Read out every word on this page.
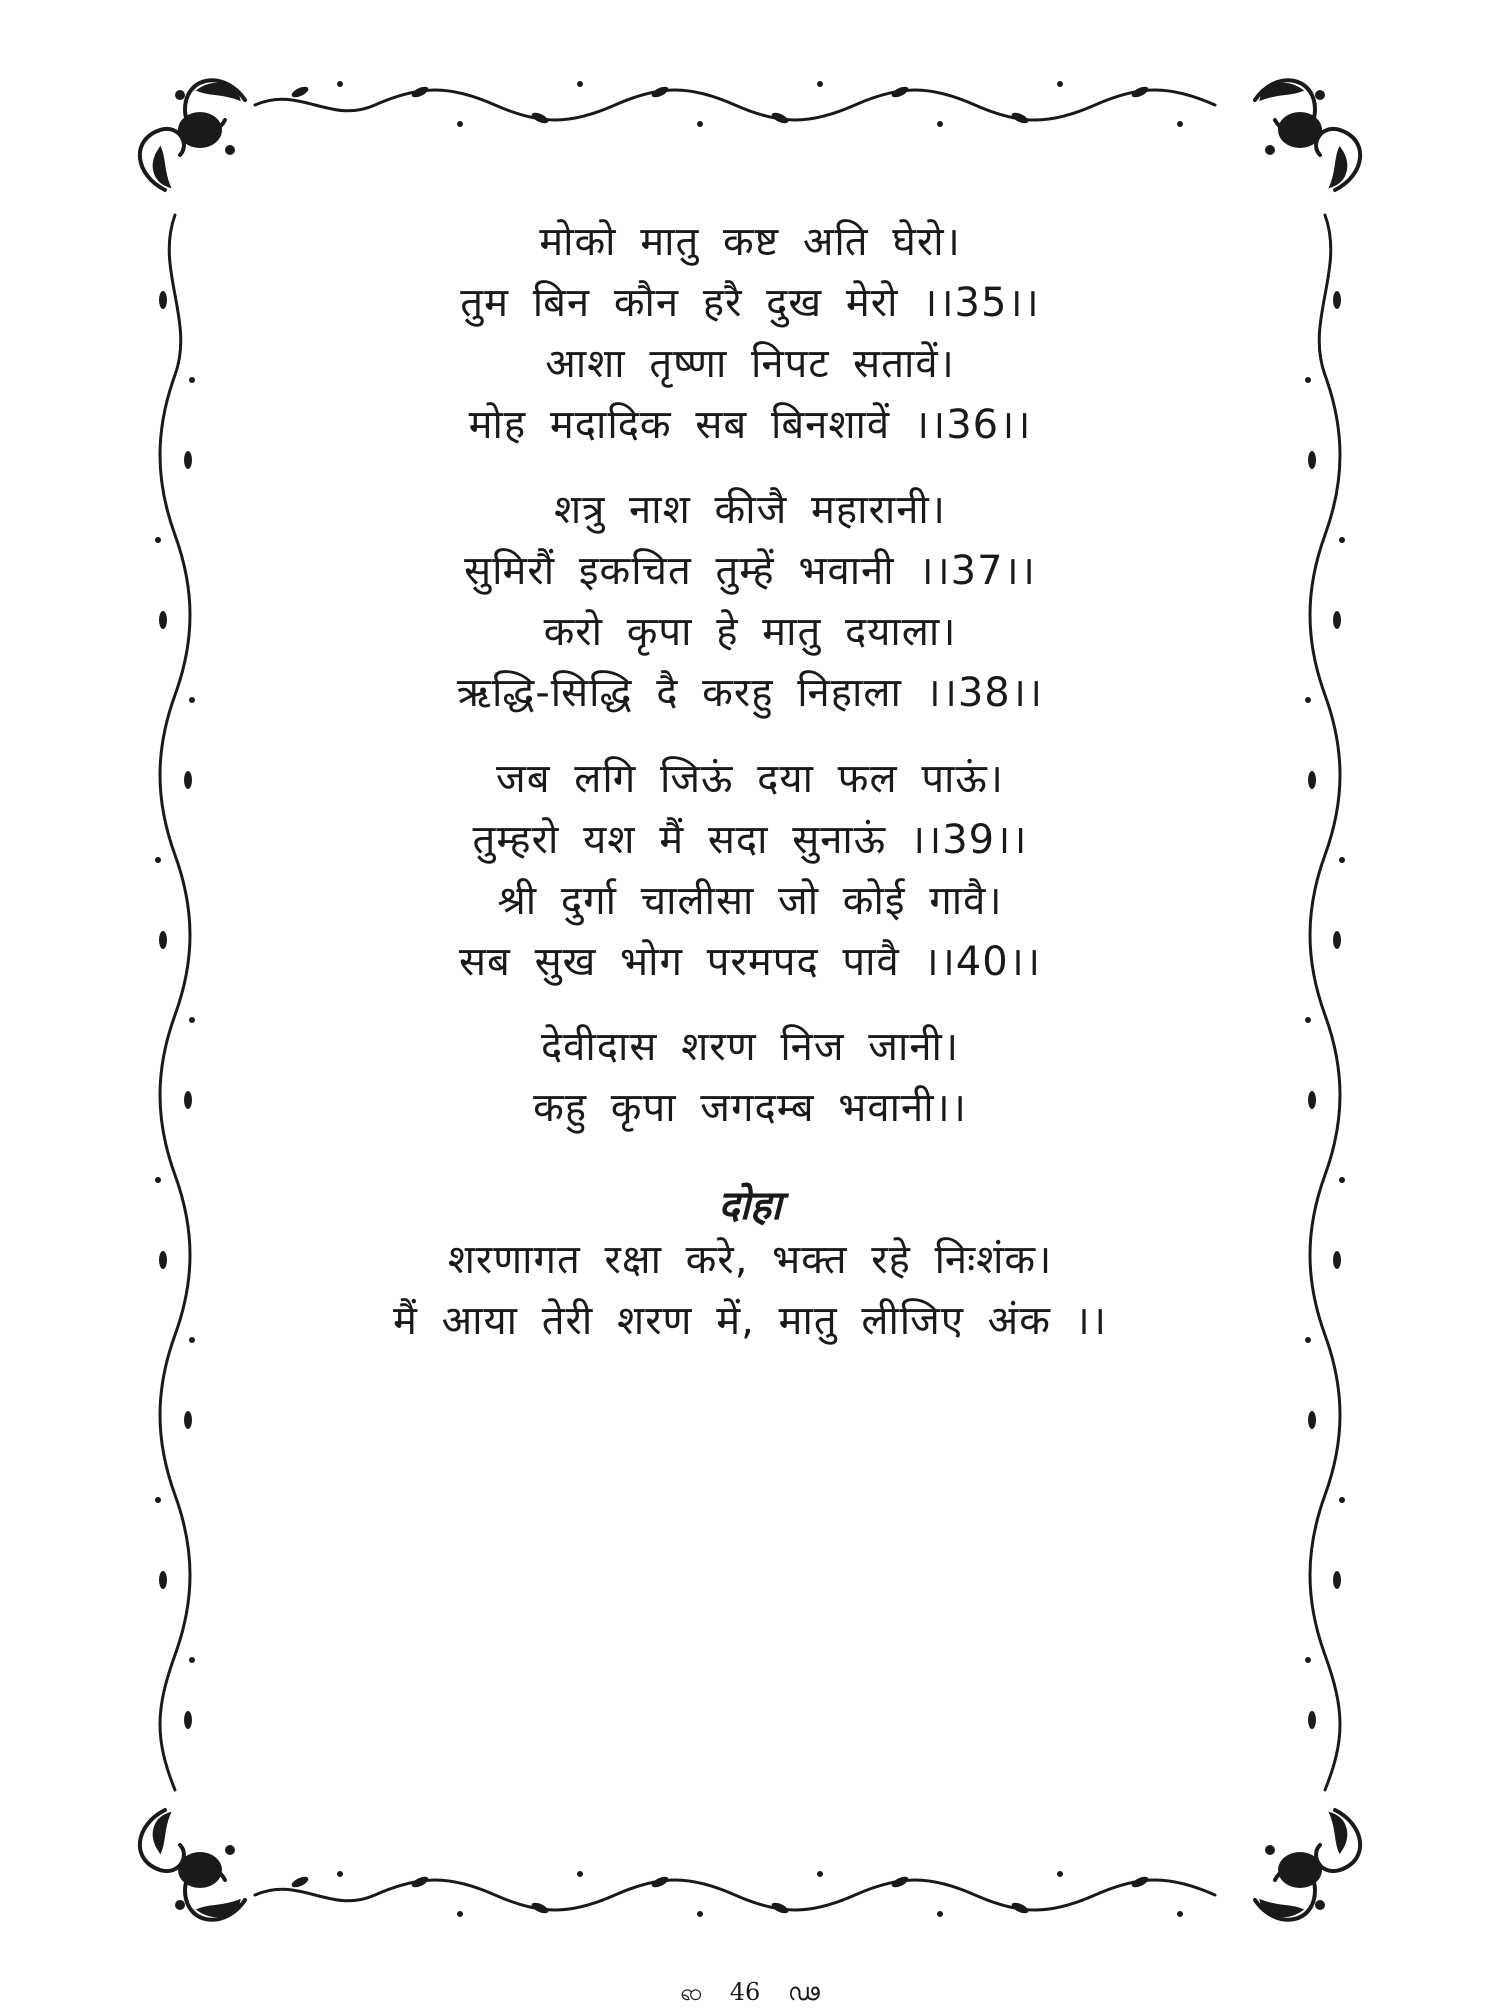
मोको मातु कष्ट अति घेरो।
तुम बिन कौन हरै दुख मेरो ।।35।।
आशा तृष्णा निपट सतावें।
मोह मदादिक सब बिनशावें ।।36।।
शत्रु नाश कीजै महारानी।
सुमिरौं इकचित तुम्हें भवानी ।।37।।
करो कृपा हे मातु दयाला।
ऋद्धि-सिद्धि दै करहु निहाला ।।38।।
जब लगि जिऊं दया फल पाऊं।
तुम्हरो यश मैं सदा सुनाऊं ।।39।।
श्री दुर्गा चालीसा जो कोई गावै।
सब सुख भोग परमपद पावै ।।40।।
देवीदास शरण निज जानी।
कहु कृपा जगदम्ब भवानी।।
दोहा
शरणागत रक्षा करे, भक्त रहे निःशंक।
मैं आया तेरी शरण में, मातु लीजिए अंक ।।
ၹ 46 ഢ
